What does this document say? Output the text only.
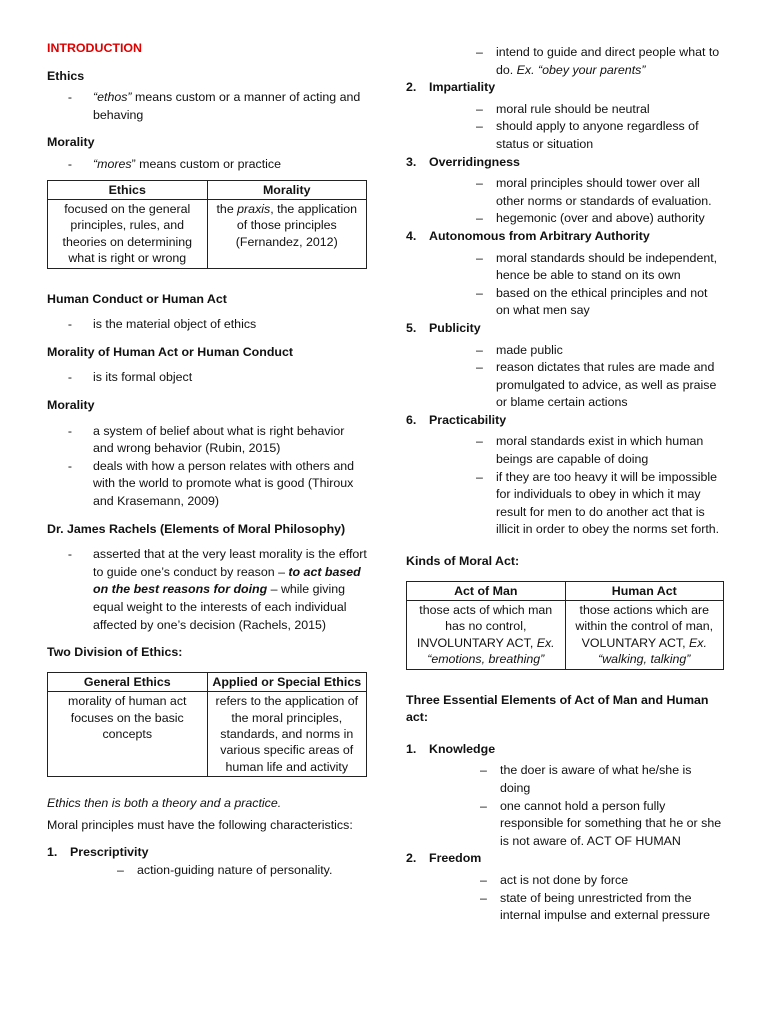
INTRODUCTION

Ethics

-	“ethos” means custom or a manner of acting and behaving

Morality

-	“mores” means custom or practice
Ethics	Morality
focused on the general principles, rules, and theories on determining what is right or wrong	the praxis, the application of those principles (Fernandez, 2012)

Human Conduct or Human Act

-	is the material object of ethics

Morality of Human Act or Human Conduct

-	is its formal object

Morality

-	a system of belief about what is right behavior and wrong behavior (Rubin, 2015)
-	deals with how a person relates with others and with the world to promote what is good (Thiroux and Krasemann, 2009)

Dr. James Rachels (Elements of Moral Philosophy)

-	asserted that at the very least morality is the effort to guide one’s conduct by reason – to act based on the best reasons for doing – while giving equal weight to the interests of each individual affected by one’s decision (Rachels, 2015)

Two Division of Ethics:

General Ethics	Applied or Special Ethics
morality of human act focuses on the basic concepts	refers to the application of the moral principles, standards, and norms in various specific areas of human life and activity

Ethics then is both a theory and a practice.

Moral principles must have the following characteristics:

1.	Prescriptivity
–	action-guiding nature of personality.
–	intend to guide and direct people what to do. Ex. “obey your parents”
2.	Impartiality
–	moral rule should be neutral
–	should apply to anyone regardless of status or situation
3.	Overridingness
–	moral principles should tower over all other norms or standards of evaluation.
–	hegemonic (over and above) authority
4.	Autonomous from Arbitrary Authority
–	moral standards should be independent, hence be able to stand on its own
–	based on the ethical principles and not on what men say
5.	Publicity
–	made public
–	reason dictates that rules are made and promulgated to advice, as well as praise or blame certain actions
6.	Practicability
–	moral standards exist in which human beings are capable of doing
–	if they are too heavy it will be impossible for individuals to obey in which it may result for men to do another act that is illicit in order to obey the norms set forth.

Kinds of Moral Act:

Act of Man	Human Act
those acts of which man has no control, INVOLUNTARY ACT, Ex. “emotions, breathing”	those actions which are within the control of man, VOLUNTARY ACT, Ex. “walking, talking”

Three Essential Elements of Act of Man and Human act:

1.	Knowledge
–	the doer is aware of what he/she is doing
–	one cannot hold a person fully responsible for something that he or she is not aware of. ACT OF HUMAN
2.	Freedom
–	act is not done by force
–	state of being unrestricted from the internal impulse and external pressure
